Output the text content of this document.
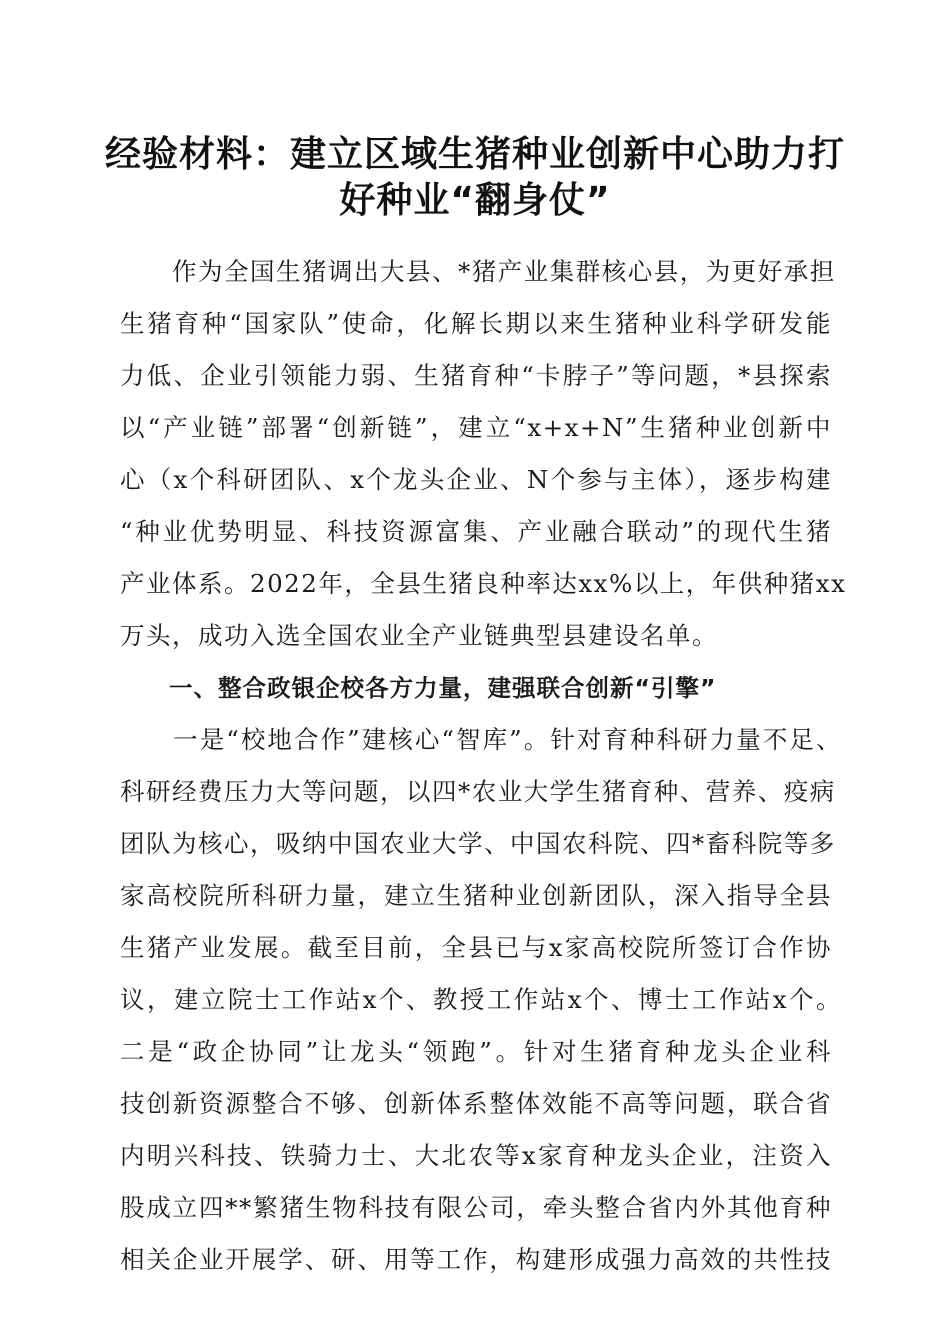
经验材料：建立区域生猪种业创新中心助力打
好种业“翻身仗”
　　作为全国生猪调出大县、*猪产业集群核心县，为更好承担
生猪育种“国家队”使命，化解长期以来生猪种业科学研发能
力低、企业引领能力弱、生猪育种“卡脖子”等问题，*县探索
以“产业链”部署“创新链”，建立“x+x+N”生猪种业创新中
心（x个科研团队、x个龙头企业、N个参与主体），逐步构建
“种业优势明显、科技资源富集、产业融合联动”的现代生猪
产业体系。2022年，全县生猪良种率达xx%以上，年供种猪xx
万头，成功入选全国农业全产业链典型县建设名单。
　　一、整合政银企校各方力量，建强联合创新“引擎”
　　一是“校地合作”建核心“智库”。针对育种科研力量不足、
科研经费压力大等问题，以四*农业大学生猪育种、营养、疫病
团队为核心，吸纳中国农业大学、中国农科院、四*畜科院等多
家高校院所科研力量，建立生猪种业创新团队，深入指导全县
生猪产业发展。截至目前，全县已与x家高校院所签订合作协
议，建立院士工作站x个、教授工作站x个、博士工作站x个。
二是“政企协同”让龙头“领跑”。针对生猪育种龙头企业科
技创新资源整合不够、创新体系整体效能不高等问题，联合省
内明兴科技、铁骑力士、大北农等x家育种龙头企业，注资入
股成立四**繁猪生物科技有限公司，牵头整合省内外其他育种
相关企业开展学、研、用等工作，构建形成强力高效的共性技
